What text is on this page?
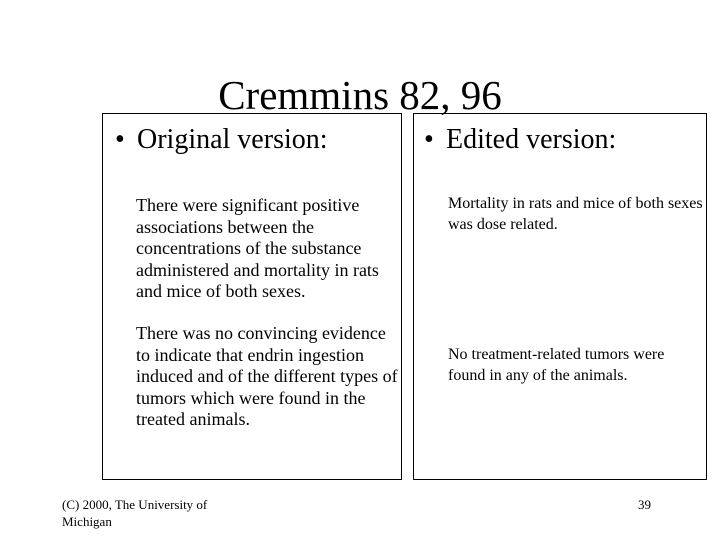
Cremmins 82, 96
• Original version:
There were significant positive associations between the concentrations of the substance administered and mortality in rats and mice of both sexes.
There was no convincing evidence to indicate that endrin ingestion induced and of the different types of tumors which were found in the treated animals.
• Edited version:
Mortality in rats and mice of both sexes was dose related.
No treatment-related tumors were found in any of the animals.
(C) 2000, The University of Michigan
39
